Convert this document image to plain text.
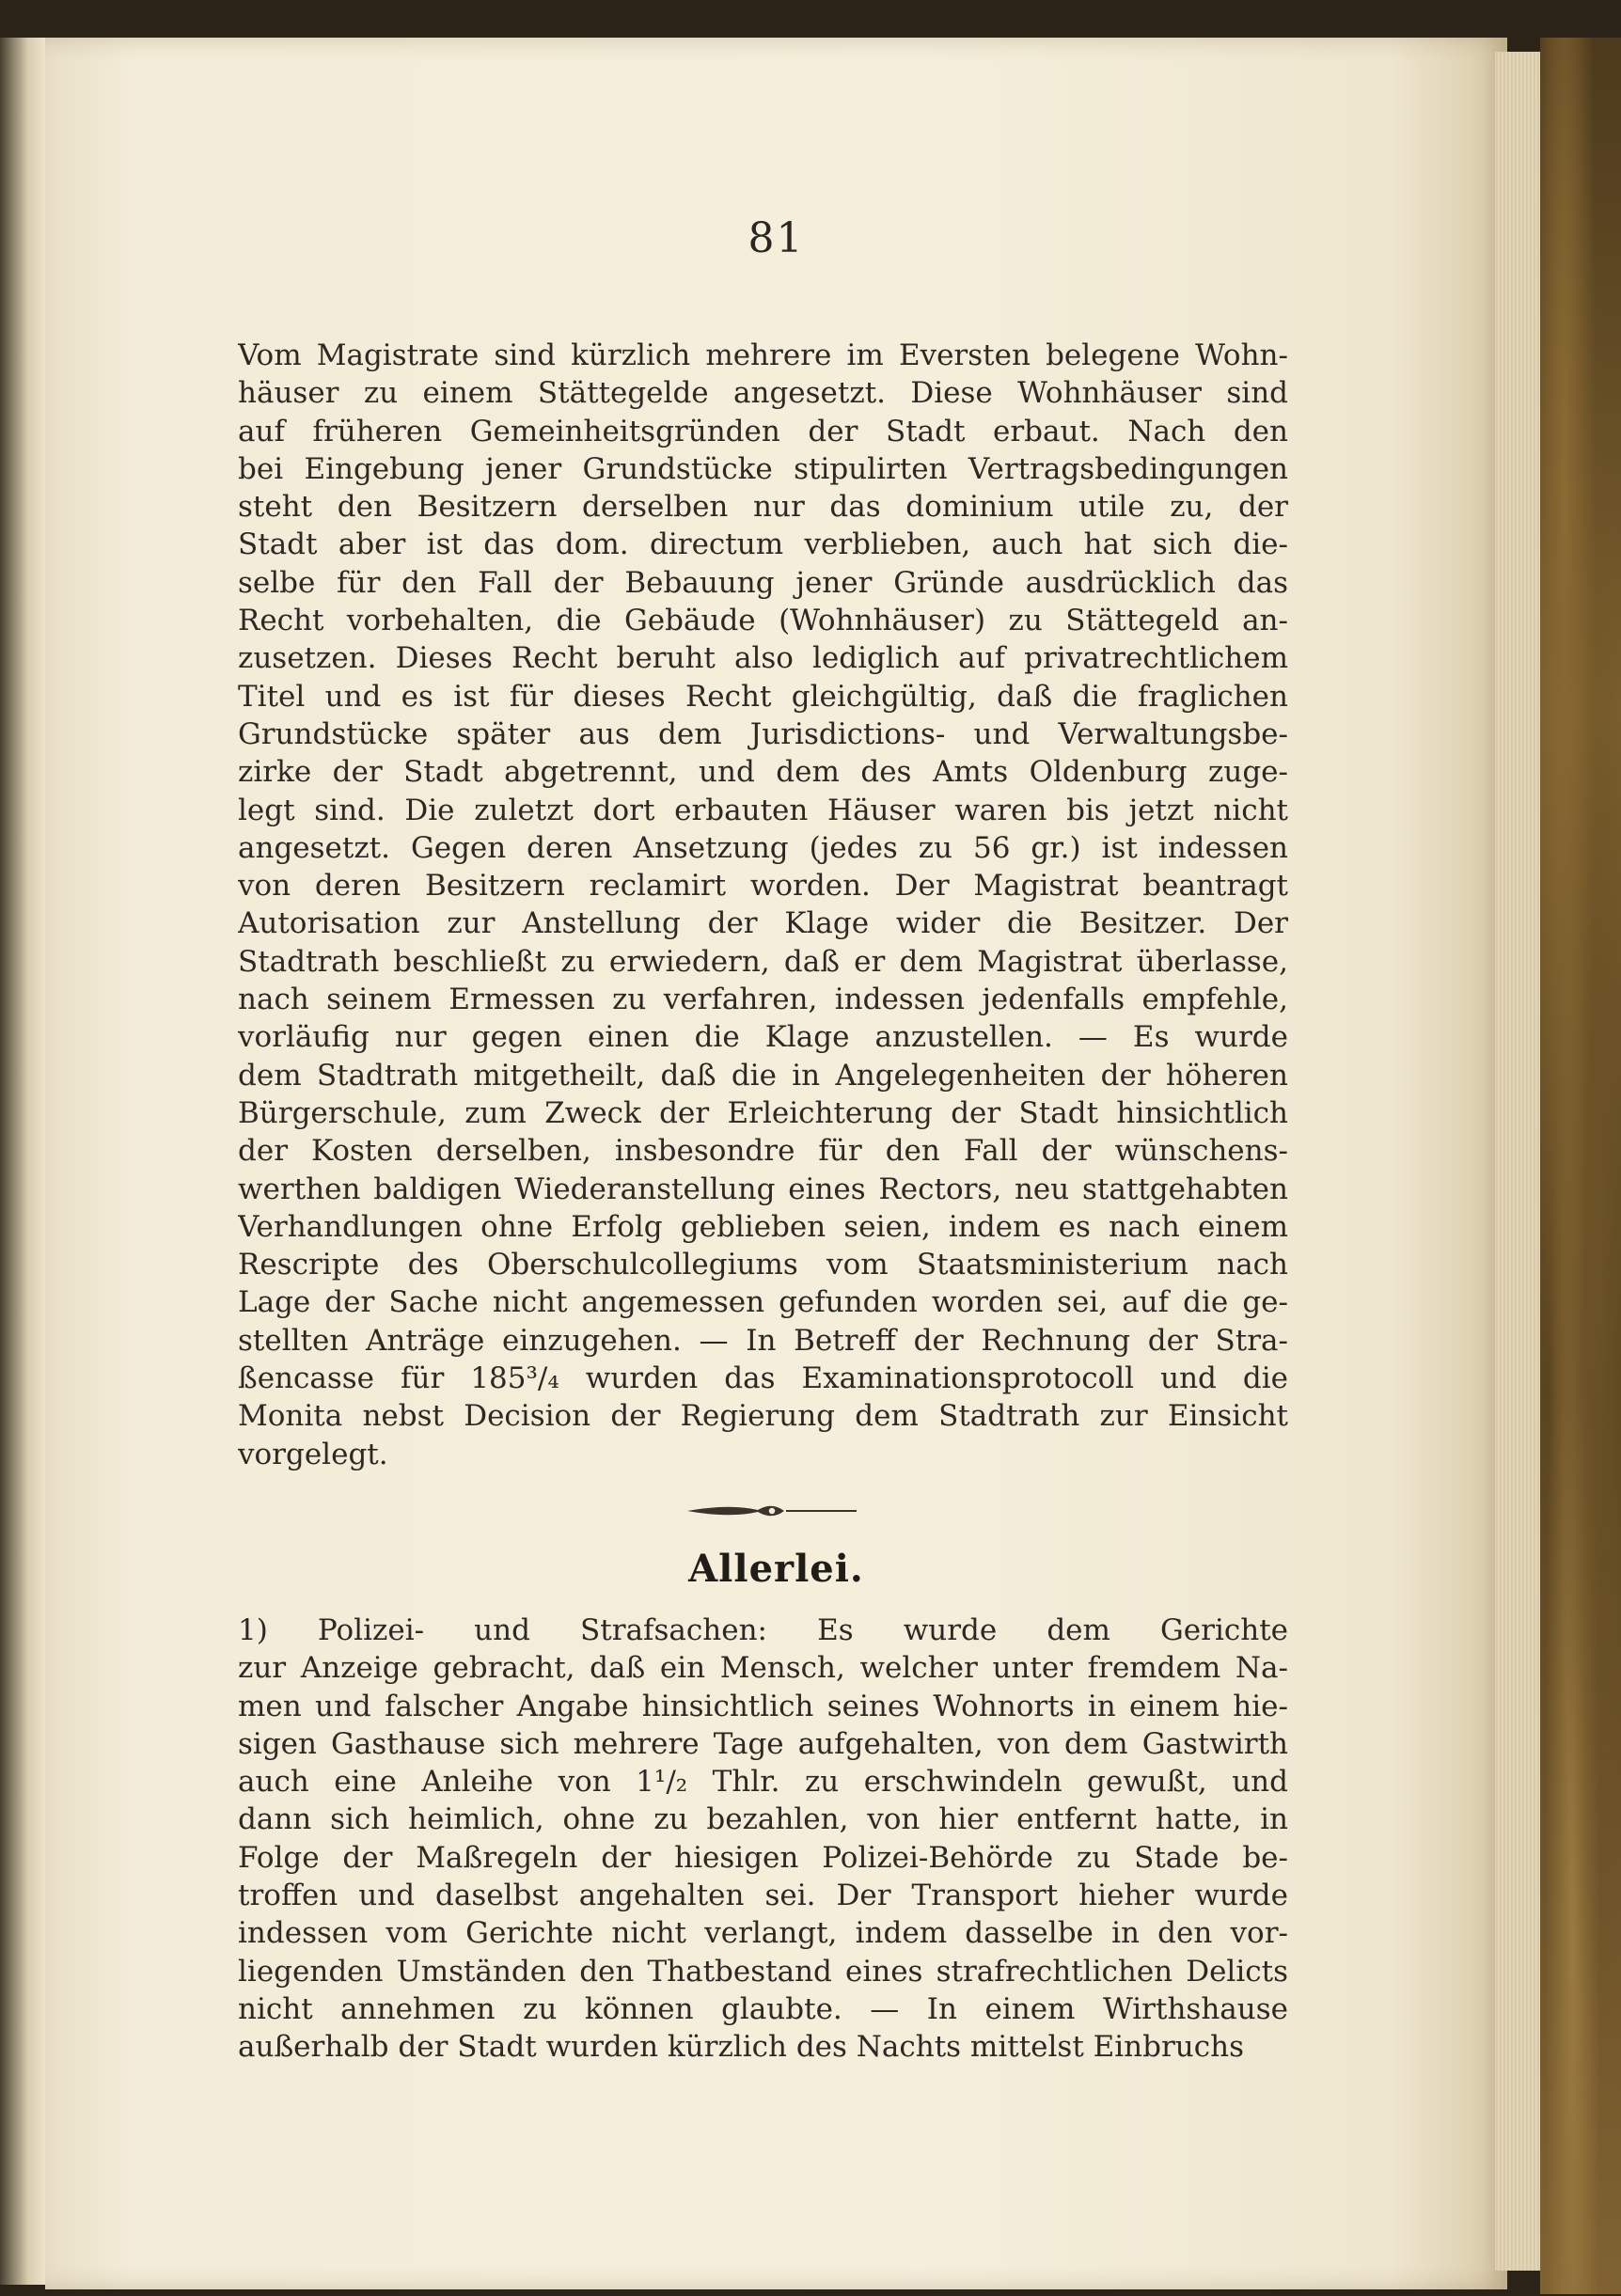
81
Vom Magistrate sind kürzlich mehrere im Eversten belegene Wohn-
häuser zu einem Stättegelde angesetzt. Diese Wohnhäuser sind
auf früheren Gemeinheitsgründen der Stadt erbaut. Nach den
bei Eingebung jener Grundstücke stipulirten Vertragsbedingungen
steht den Besitzern derselben nur das dominium utile zu, der
Stadt aber ist das dom. directum verblieben, auch hat sich die-
selbe für den Fall der Bebauung jener Gründe ausdrücklich das
Recht vorbehalten, die Gebäude (Wohnhäuser) zu Stättegeld an-
zusetzen. Dieses Recht beruht also lediglich auf privatrechtlichem
Titel und es ist für dieses Recht gleichgültig, daß die fraglichen
Grundstücke später aus dem Jurisdictions- und Verwaltungsbe-
zirke der Stadt abgetrennt, und dem des Amts Oldenburg zuge-
legt sind. Die zuletzt dort erbauten Häuser waren bis jetzt nicht
angesetzt. Gegen deren Ansetzung (jedes zu 56 gr.) ist indessen
von deren Besitzern reclamirt worden. Der Magistrat beantragt
Autorisation zur Anstellung der Klage wider die Besitzer. Der
Stadtrath beschließt zu erwiedern, daß er dem Magistrat überlasse,
nach seinem Ermessen zu verfahren, indessen jedenfalls empfehle,
vorläufig nur gegen einen die Klage anzustellen. — Es wurde
dem Stadtrath mitgetheilt, daß die in Angelegenheiten der höheren
Bürgerschule, zum Zweck der Erleichterung der Stadt hinsichtlich
der Kosten derselben, insbesondre für den Fall der wünschens-
werthen baldigen Wiederanstellung eines Rectors, neu stattgehabten
Verhandlungen ohne Erfolg geblieben seien, indem es nach einem
Rescripte des Oberschulcollegiums vom Staatsministerium nach
Lage der Sache nicht angemessen gefunden worden sei, auf die ge-
stellten Anträge einzugehen. — In Betreff der Rechnung der Stra-
ßencasse für 185³/₄ wurden das Examinationsprotocoll und die
Monita nebst Decision der Regierung dem Stadtrath zur Einsicht
vorgelegt.
Allerlei.
1) Polizei- und Strafsachen: Es wurde dem Gerichte
zur Anzeige gebracht, daß ein Mensch, welcher unter fremdem Na-
men und falscher Angabe hinsichtlich seines Wohnorts in einem hie-
sigen Gasthause sich mehrere Tage aufgehalten, von dem Gastwirth
auch eine Anleihe von 1¹/₂ Thlr. zu erschwindeln gewußt, und
dann sich heimlich, ohne zu bezahlen, von hier entfernt hatte, in
Folge der Maßregeln der hiesigen Polizei-Behörde zu Stade be-
troffen und daselbst angehalten sei. Der Transport hieher wurde
indessen vom Gerichte nicht verlangt, indem dasselbe in den vor-
liegenden Umständen den Thatbestand eines strafrechtlichen Delicts
nicht annehmen zu können glaubte. — In einem Wirthshause
außerhalb der Stadt wurden kürzlich des Nachts mittelst Einbruchs
